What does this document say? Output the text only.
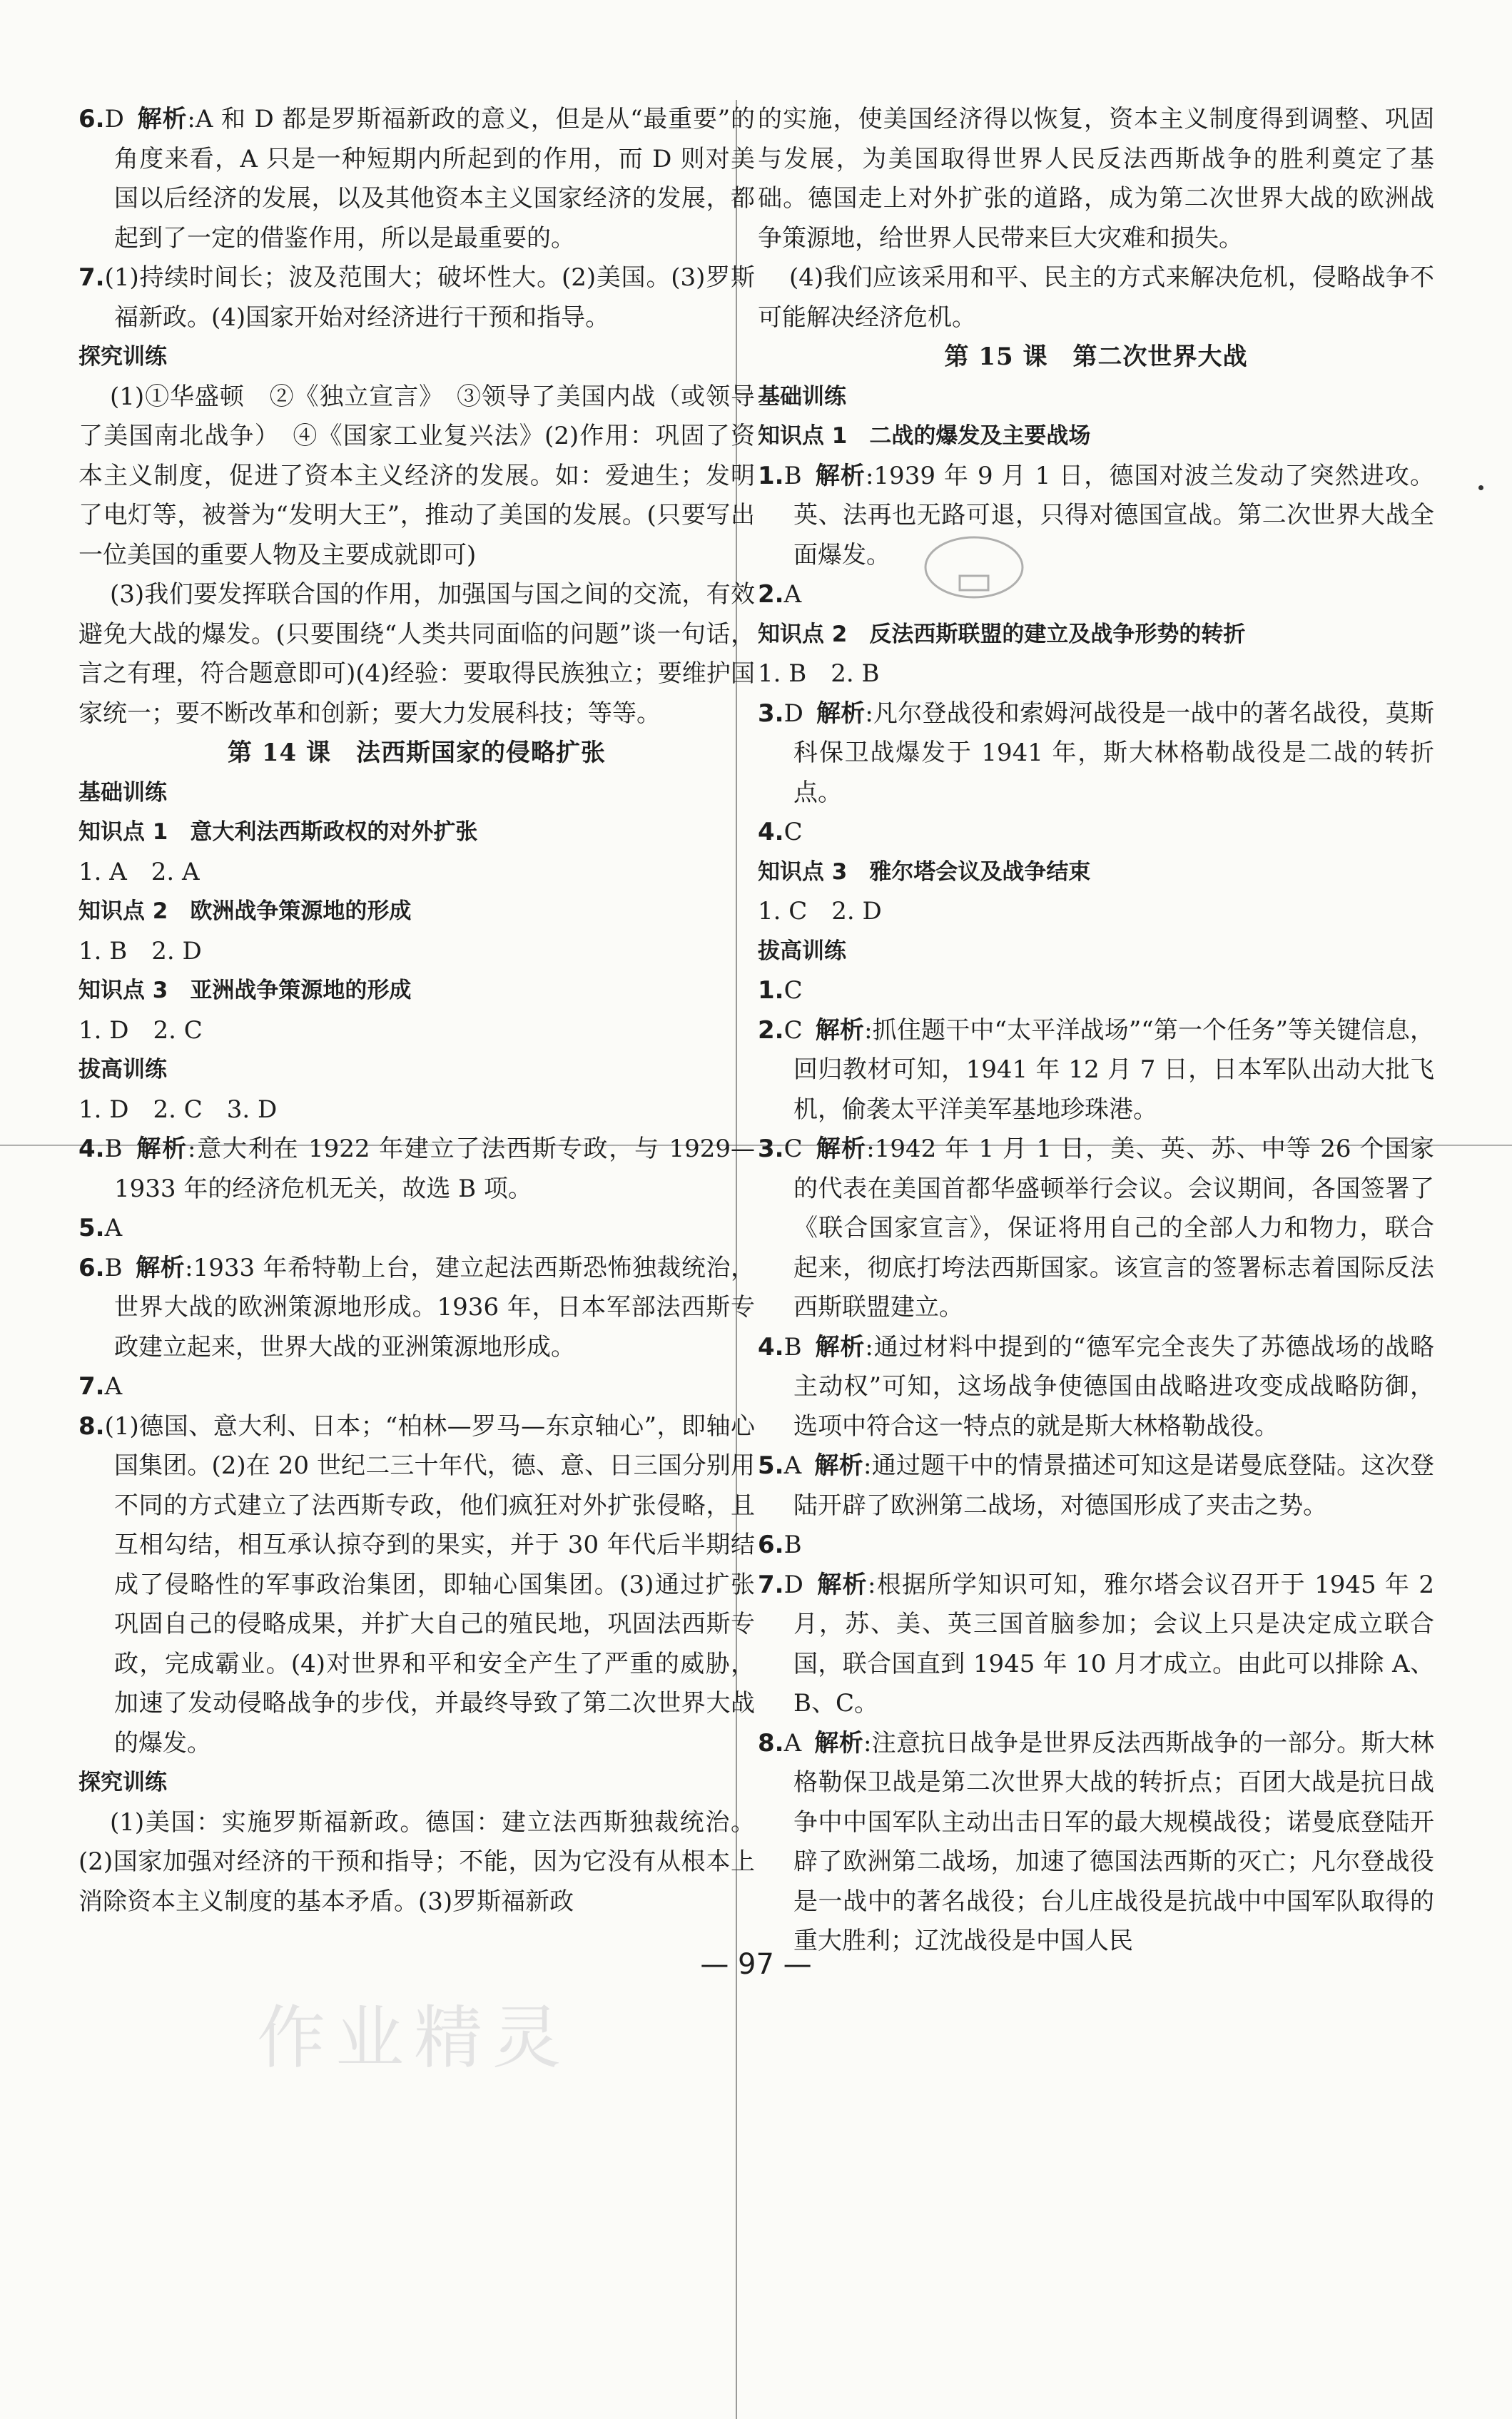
6.D 解析:A 和 D 都是罗斯福新政的意义，但是从“最重要”的角度来看，A 只是一种短期内所起到的作用，而 D 则对美国以后经济的发展，以及其他资本主义国家经济的发展，都起到了一定的借鉴作用，所以是最重要的。

7.(1)持续时间长；波及范围大；破坏性大。(2)美国。(3)罗斯福新政。(4)国家开始对经济进行干预和指导。

探究训练

(1)①华盛顿　②《独立宣言》　③领导了美国内战（或领导了美国南北战争）　④《国家工业复兴法》(2)作用：巩固了资本主义制度，促进了资本主义经济的发展。如：爱迪生；发明了电灯等，被誉为“发明大王”，推动了美国的发展。(只要写出一位美国的重要人物及主要成就即可)

(3)我们要发挥联合国的作用，加强国与国之间的交流，有效避免大战的爆发。(只要围绕“人类共同面临的问题”谈一句话，言之有理，符合题意即可)(4)经验：要取得民族独立；要维护国家统一；要不断改革和创新；要大力发展科技；等等。

第 14 课　法西斯国家的侵略扩张

基础训练

知识点 1　意大利法西斯政权的对外扩张

1. A　2. A

知识点 2　欧洲战争策源地的形成

1. B　2. D

知识点 3　亚洲战争策源地的形成

1. D　2. C

拔高训练

1. D　2. C　3. D

4.B 解析:意大利在 1922 年建立了法西斯专政，与 1929—1933 年的经济危机无关，故选 B 项。

5.A

6.B 解析:1933 年希特勒上台，建立起法西斯恐怖独裁统治，世界大战的欧洲策源地形成。1936 年，日本军部法西斯专政建立起来，世界大战的亚洲策源地形成。

7.A

8.(1)德国、意大利、日本；“柏林—罗马—东京轴心”，即轴心国集团。(2)在 20 世纪二三十年代，德、意、日三国分别用不同的方式建立了法西斯专政，他们疯狂对外扩张侵略，且互相勾结，相互承认掠夺到的果实，并于 30 年代后半期结成了侵略性的军事政治集团，即轴心国集团。(3)通过扩张巩固自己的侵略成果，并扩大自己的殖民地，巩固法西斯专政，完成霸业。(4)对世界和平和安全产生了严重的威胁，加速了发动侵略战争的步伐，并最终导致了第二次世界大战的爆发。

探究训练

(1)美国：实施罗斯福新政。德国：建立法西斯独裁统治。(2)国家加强对经济的干预和指导；不能，因为它没有从根本上消除资本主义制度的基本矛盾。(3)罗斯福新政

的实施，使美国经济得以恢复，资本主义制度得到调整、巩固与发展，为美国取得世界人民反法西斯战争的胜利奠定了基础。德国走上对外扩张的道路，成为第二次世界大战的欧洲战争策源地，给世界人民带来巨大灾难和损失。

(4)我们应该采用和平、民主的方式来解决危机，侵略战争不可能解决经济危机。

第 15 课　第二次世界大战

基础训练

知识点 1　二战的爆发及主要战场

1.B 解析:1939 年 9 月 1 日，德国对波兰发动了突然进攻。英、法再也无路可退，只得对德国宣战。第二次世界大战全面爆发。

2.A

知识点 2　反法西斯联盟的建立及战争形势的转折

1. B　2. B

3.D 解析:凡尔登战役和索姆河战役是一战中的著名战役，莫斯科保卫战爆发于 1941 年，斯大林格勒战役是二战的转折点。

4.C

知识点 3　雅尔塔会议及战争结束

1. C　2. D

拔高训练

1.C

2.C 解析:抓住题干中“太平洋战场”“第一个任务”等关键信息，回归教材可知，1941 年 12 月 7 日，日本军队出动大批飞机，偷袭太平洋美军基地珍珠港。

3.C 解析:1942 年 1 月 1 日，美、英、苏、中等 26 个国家的代表在美国首都华盛顿举行会议。会议期间，各国签署了《联合国家宣言》，保证将用自己的全部人力和物力，联合起来，彻底打垮法西斯国家。该宣言的签署标志着国际反法西斯联盟建立。

4.B 解析:通过材料中提到的“德军完全丧失了苏德战场的战略主动权”可知，这场战争使德国由战略进攻变成战略防御，选项中符合这一特点的就是斯大林格勒战役。

5.A 解析:通过题干中的情景描述可知这是诺曼底登陆。这次登陆开辟了欧洲第二战场，对德国形成了夹击之势。

6.B

7.D 解析:根据所学知识可知，雅尔塔会议召开于 1945 年 2 月，苏、美、英三国首脑参加；会议上只是决定成立联合国，联合国直到 1945 年 10 月才成立。由此可以排除 A、B、C。

8.A 解析:注意抗日战争是世界反法西斯战争的一部分。斯大林格勒保卫战是第二次世界大战的转折点；百团大战是抗日战争中中国军队主动出击日军的最大规模战役；诺曼底登陆开辟了欧洲第二战场，加速了德国法西斯的灭亡；凡尔登战役是一战中的著名战役；台儿庄战役是抗战中中国军队取得的重大胜利；辽沈战役是中国人民

— 97 —
作业精灵
